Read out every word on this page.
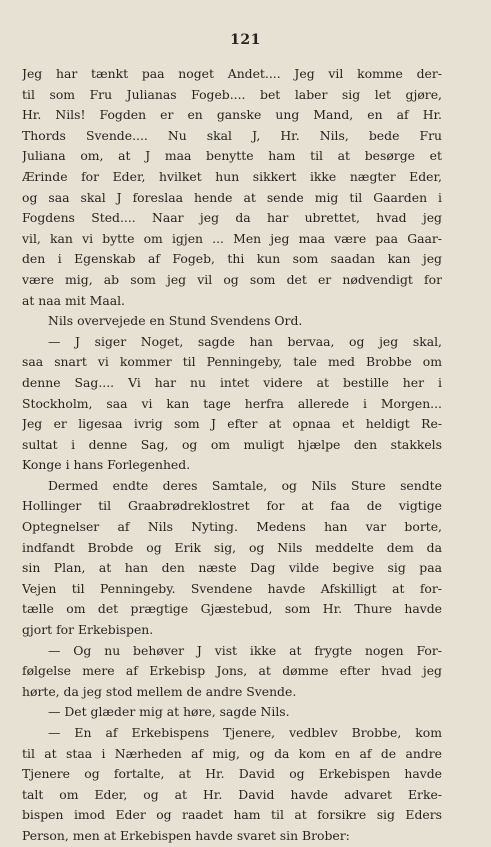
121
Jeg har tænkt paa noget Andet.... Jeg vil komme der-
til som Fru Julianas Fogeb.... bet laber sig let gjøre,
Hr. Nils! Fogden er en ganske ung Mand, en af Hr.
Thords Svende.... Nu skal J, Hr. Nils, bede Fru
Juliana om, at J maa benytte ham til at besørge et
Ærinde for Eder, hvilket hun sikkert ikke nægter Eder,
og saa skal J foreslaa hende at sende mig til Gaarden i
Fogdens Sted.... Naar jeg da har ubrettet, hvad jeg
vil, kan vi bytte om igjen ... Men jeg maa være paa Gaar-
den i Egenskab af Fogeb, thi kun som saadan kan jeg
være mig, ab som jeg vil og som det er nødvendigt for
at naa mit Maal.
Nils overvejede en Stund Svendens Ord.
— J siger Noget, sagde han bervaa, og jeg skal,
saa snart vi kommer til Penningeby, tale med Brobbe om
denne Sag.... Vi har nu intet videre at bestille her i
Stockholm, saa vi kan tage herfra allerede i Morgen...
Jeg er ligesaa ivrig som J efter at opnaa et heldigt Re-
sultat i denne Sag, og om muligt hjælpe den stakkels
Konge i hans Forlegenhed.
Dermed endte deres Samtale, og Nils Sture sendte
Hollinger til Graabrødreklostret for at faa de vigtige
Optegnelser af Nils Nyting. Medens han var borte,
indfandt Brobde og Erik sig, og Nils meddelte dem da
sin Plan, at han den næste Dag vilde begive sig paa
Vejen til Penningeby. Svendene havde Afskilligt at for-
tælle om det prægtige Gjæstebud, som Hr. Thure havde
gjort for Erkebispen.
— Og nu behøver J vist ikke at frygte nogen For-
følgelse mere af Erkebisp Jons, at dømme efter hvad jeg
hørte, da jeg stod mellem de andre Svende.
— Det glæder mig at høre, sagde Nils.
— En af Erkebispens Tjenere, vedblev Brobbe, kom
til at staa i Nærheden af mig, og da kom en af de andre
Tjenere og fortalte, at Hr. David og Erkebispen havde
talt om Eder, og at Hr. David havde advaret Erke-
bispen imod Eder og raadet ham til at forsikre sig Eders
Person, men at Erkebispen havde svaret sin Brober:
